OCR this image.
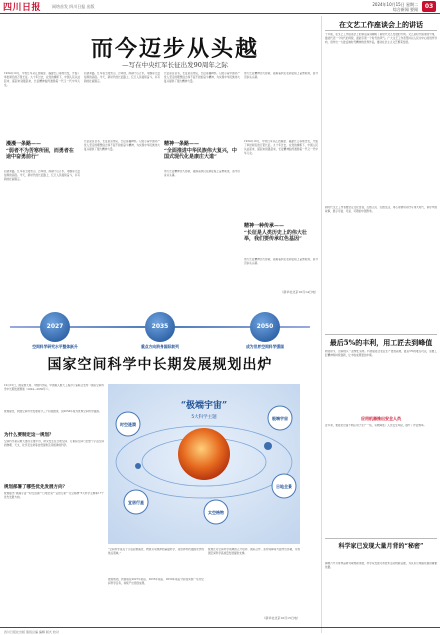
四川日报	网络首发 四川日报 出版	2024年10月15日 星期二
综合新闻 要闻	03
而今迈步从头越
—写在中央红军长征出发90周年之际
1934年10月，中央红军从江西瑞金、福建长汀等地出发，开始了举世闻名的万里长征。九十年过去，在党的旗帜下，中国人民从站起来、富起来到强起来，长征精神始终激励着一代又一代中华儿女。
回望来路，红军将士爬雪山、过草地，跨越千山万水，用脚步丈量信仰的高度。今天，新时代的长征路上，亿万人民接续奋斗，书写新的壮丽篇章。
长征是宣言书，长征是宣传队，长征是播种机。它昭示着中国共产党人坚定的理想信念和不屈不挠的奋斗精神，为实现中华民族伟大复兴提供了强大精神力量。
伟大长征精神历久弥新，砥砺着我们在新征程上奋勇前进，而今迈步从头越。
漫漫一条路——
“弱者不为苦寒所困，而勇者在途中奋勇前行”
回望来路，红军将士爬雪山、过草地，跨越千山万水，用脚步丈量信仰的高度。今天，新时代的长征路上，亿万人民接续奋斗，书写新的壮丽篇章。
长征是宣言书，长征是宣传队，长征是播种机。它昭示着中国共产党人坚定的理想信念和不屈不挠的奋斗精神，为实现中华民族伟大复兴提供了强大精神力量。
精神一条路——
“全面推进中华民族伟大复兴，中国式现代化是康庄大道”
伟大长征精神历久弥新，砥砺着我们在新征程上奋勇前进，而今迈步从头越。
精神一种传承——
“长征是人类历史上的伟大壮举，我们要传承红色基因”
1934年10月，中央红军从江西瑞金、福建长汀等地出发，开始了举世闻名的万里长征。九十年过去，在党的旗帜下，中国人民从站起来、富起来到强起来，长征精神始终激励着一代又一代中华儿女。
伟大长征精神历久弥新，砥砺着我们在新征程上奋勇前进，而今迈步从头越。
（新华社北京10月14日电）
在文艺工作座谈会上的讲话
十年前，在文艺工作座谈会上的讲话深刻阐明了新时代文艺发展的方向。文艺是时代前进的号角，最能代表一个时代的风貌，最能引领一个时代的风气。广大文艺工作者坚持以人民为中心的创作导向，创作出一大批反映时代精神的优秀作品，推动社会主义文艺繁荣发展。
新时代文艺工作者要坚定文化自信，扎根人民、扎根生活，用心用情用功抒写伟大时代，讲好中国故事，展示可信、可爱、可敬的中国形象。
最后5%的丰利，用工匠去到峰值
秋收时节，田间地头一派繁忙景象。科技赋能让农业生产更加高效，最后5%的难点攻关，需要工匠精神和持续创新，让丰收成果更加丰硕。
应用机器推出安全人员
近年来，智能化设备不断应用于生产一线，有效降低了人员安全风险，提升了作业效率。
科学家已发现大量月背的“秘密”
嫦娥六号月背样品研究取得新进展，科学家发现月背岩浆活动的新证据，为认识月球演化提供重要依据。
2027	2035	2050
空间科学研究水平整体跃升	重点方向跻身国际前列	成为世界空间科学强国
国家空间科学中长期发展规划出炉
10月15日，国家航天局、中国科学院、中国载人航天工程办公室联合发布《国家空间科学中长期发展规划（2024—2050年）》。
规划提出，我国空间科学发展将分三个阶段推进，到2050年成为世界空间科学强国。
为什么要制定这一规划？
空间科学是以航天器为主要平台，研究发生在日地空间、行星际空间乃至整个宇宙空间的物理、天文、化学及生命等自然现象及其规律的科学。
规划部署了哪些优先发展方向？
规划提出“极端宇宙”“时空涟漪”“日地全景”“宜居行星”“太空格物”5大科学主题和17个优先发展方向。
“极端宇宙”
5大科学主题	极端宇宙
时空涟漪
日地全景
宜居行星
太空格物
“空间科学是关于宇宙起源演化、物质运动规律的基础科学，是世界科技强国竞争的焦点领域。”
按照规划，我国将在2027年前后、2035年前后、2050年前后分阶段实施一系列空间科学任务，持续产出原创成果。
规划还对空间科学领域的人才培养、国际合作、条件保障等方面作出部署，为我国空间科学高质量发展提供支撑。
（新华社北京10月15日电）
四川日报社出版 值班总编 编辑 版式 校对
